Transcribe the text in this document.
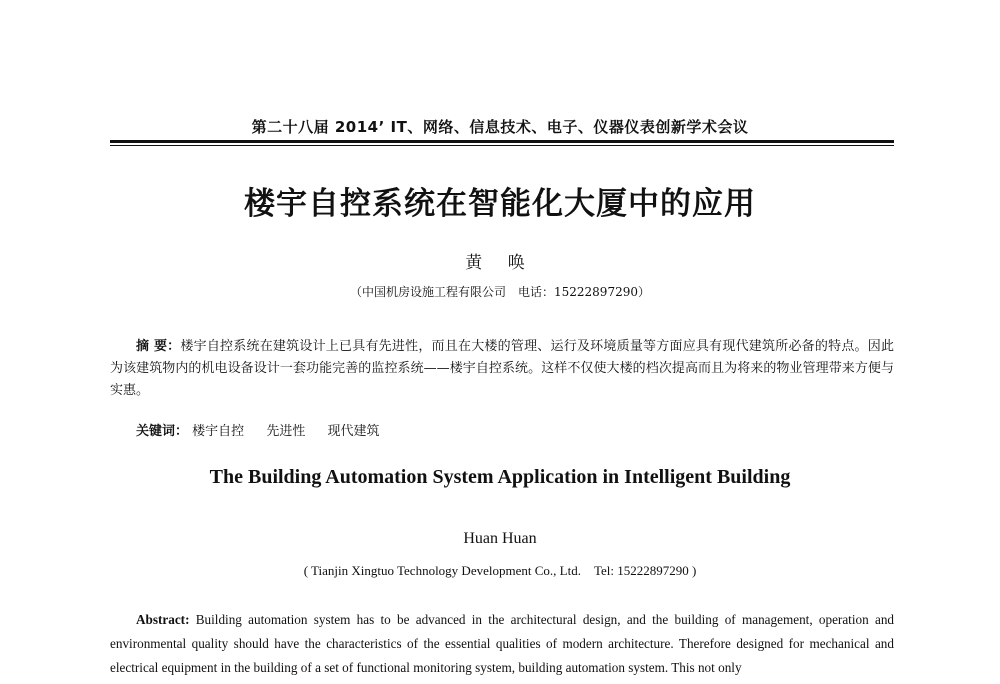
第二十八届 2014’ IT、网络、信息技术、电子、仪器仪表创新学术会议
楼宇自控系统在智能化大厦中的应用
黄 唤
（中国机房设施工程有限公司　电话：15222897290）
摘 要：楼宇自控系统在建筑设计上已具有先进性，而且在大楼的管理、运行及环境质量等方面应具有现代建筑所必备的特点。因此为该建筑物内的机电设备设计一套功能完善的监控系统——楼宇自控系统。这样不仅使大楼的档次提高而且为将来的物业管理带来方便与实惠。
关键词： 楼宇自控 先进性 现代建筑
The Building Automation System Application in Intelligent Building
Huan Huan
( Tianjin Xingtuo Technology Development Co., Ltd.　Tel: 15222897290 )
Abstract: Building automation system has to be advanced in the architectural design, and the building of management, operation and environmental quality should have the characteristics of the essential qualities of modern architecture. Therefore designed for mechanical and electrical equipment in the building of a set of functional monitoring system, building automation system. This not only
